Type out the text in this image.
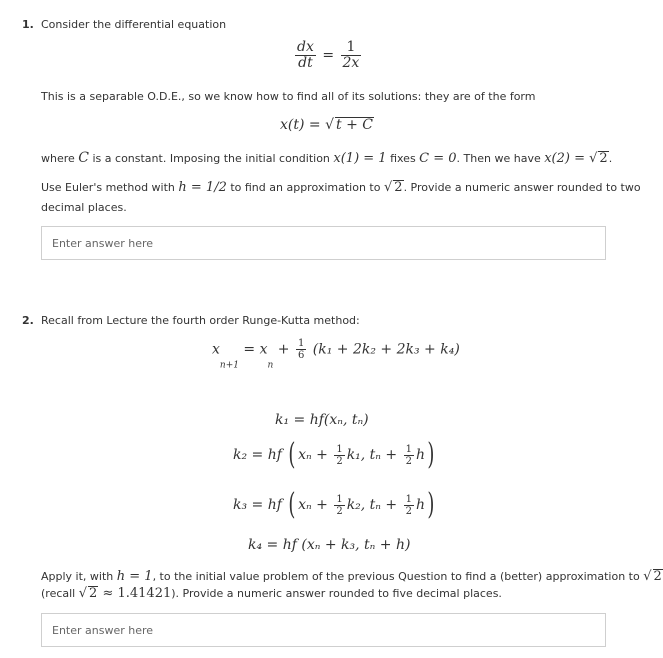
1. Consider the differential equation
$\frac{dx}{dt} = \frac{1}{2x}$
This is a separable O.D.E., so we know how to find all of its solutions: they are of the form
x(t) = √ t + C
where C is a constant. Imposing the initial condition x(1) = 1 fixes C = 0. Then we have x(2) = √ 2.
Use Euler's method with h = 1/2 to find an approximation to √ 2. Provide a numeric answer rounded to two
decimal places.
Enter answer here
2. Recall from Lecture the fourth order Runge-Kutta method:
$x_{n+1} = x_n + \frac{1}{6} (k_1 + 2k_2 + 2k_3 + k_4)$
k₁ = hf(xₙ, tₙ)
k₂ = hf ( $x_n + \frac{1}{2} k_1$, $t_n + \frac{1}{2} h$)
k₃ = hf ( $x_n + \frac{1}{2} k_2$, $t_n + \frac{1}{2} h$)
k₄ = hf (xₙ + k₃, tₙ + h)
Apply it, with h = 1, to the initial value problem of the previous Question to find a (better) approximation to √ 2
(recall √ 2 ≈ 1.41421). Provide a numeric answer rounded to five decimal places.
Enter answer here
